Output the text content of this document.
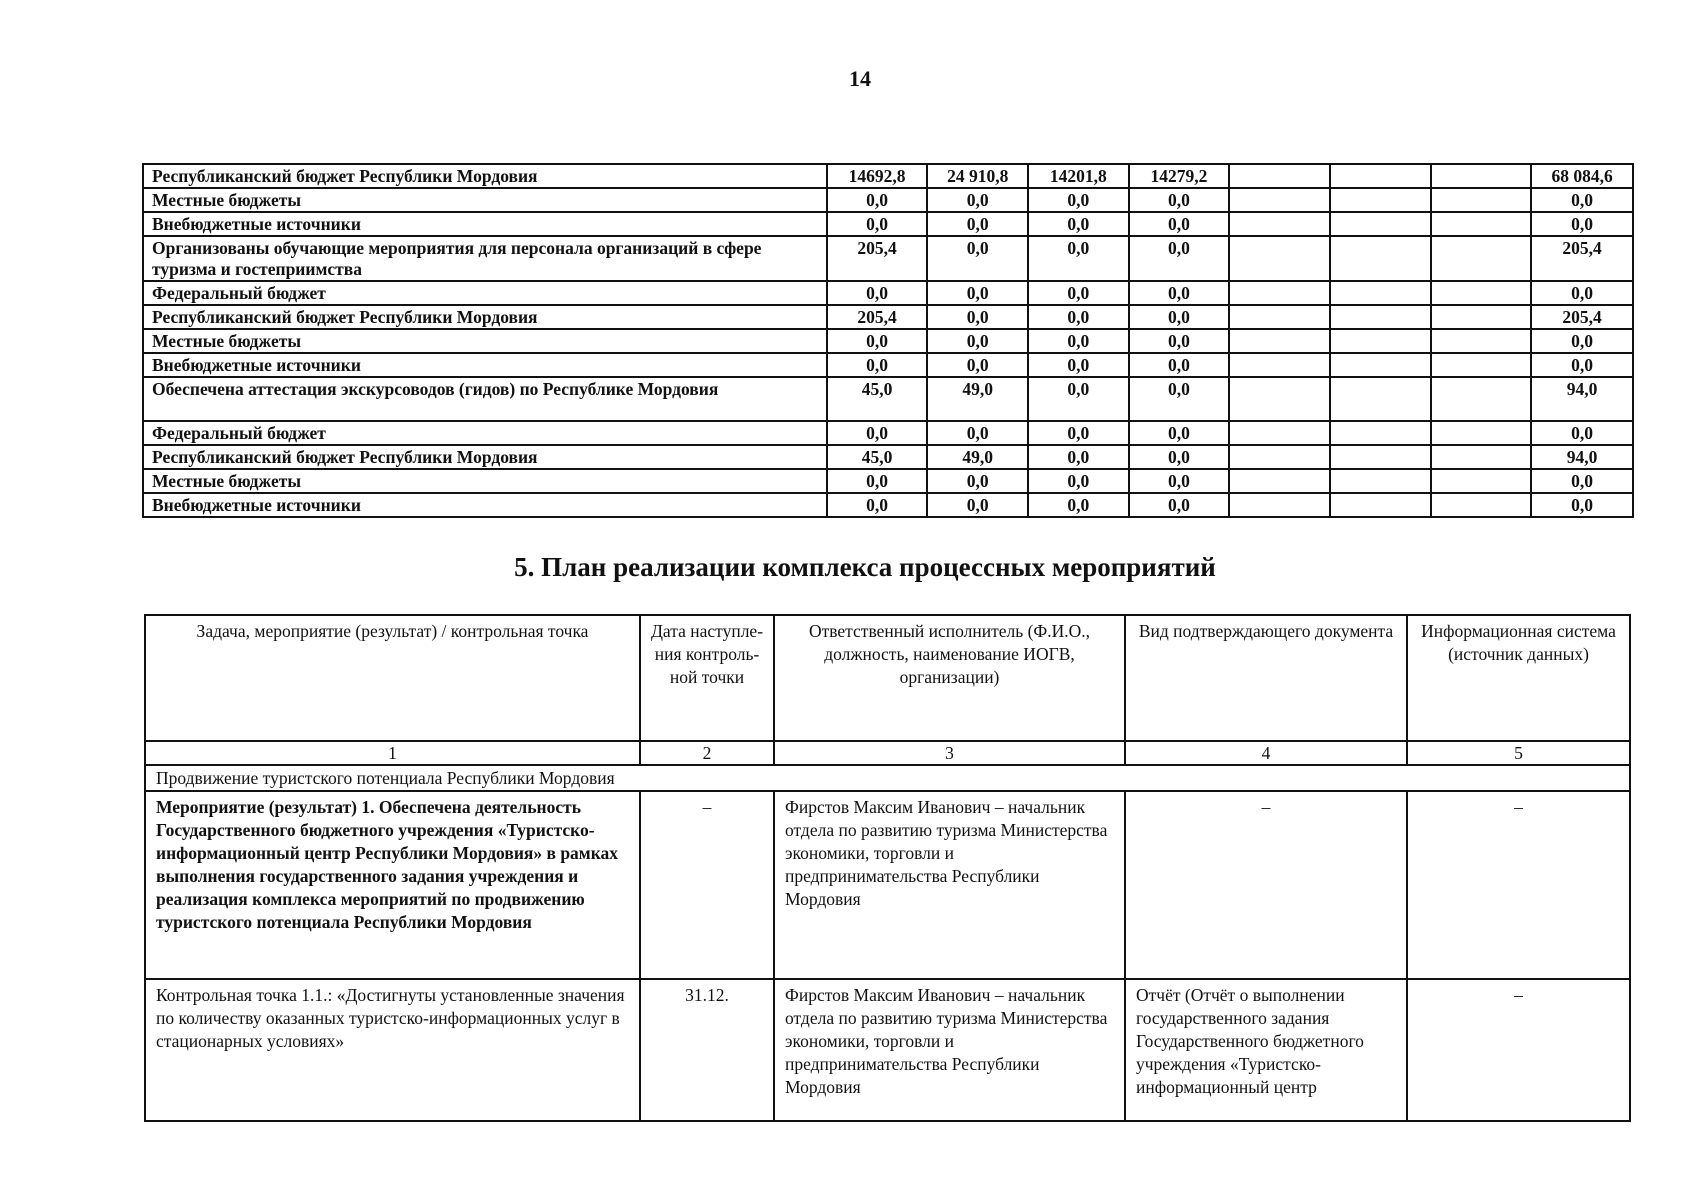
14
Республиканский бюджет Республики Мордовия	14692,8	24 910,8	14201,8	14279,2				68 084,6
Местные бюджеты	0,0	0,0	0,0	0,0				0,0
Внебюджетные источники	0,0	0,0	0,0	0,0				0,0
Организованы обучающие мероприятия для персонала организаций в сфере туризма и гостеприимства	205,4	0,0	0,0	0,0				205,4
Федеральный бюджет	0,0	0,0	0,0	0,0				0,0
Республиканский бюджет Республики Мордовия	205,4	0,0	0,0	0,0				205,4
Местные бюджеты	0,0	0,0	0,0	0,0				0,0
Внебюджетные источники	0,0	0,0	0,0	0,0				0,0
Обеспечена аттестация экскурсоводов (гидов) по Республике Мордовия	45,0	49,0	0,0	0,0				94,0
Федеральный бюджет	0,0	0,0	0,0	0,0				0,0
Республиканский бюджет Республики Мордовия	45,0	49,0	0,0	0,0				94,0
Местные бюджеты	0,0	0,0	0,0	0,0				0,0
Внебюджетные источники	0,0	0,0	0,0	0,0				0,0
5. План реализации комплекса процессных мероприятий
Задача, мероприятие (результат) / контрольная точка	Дата наступле-ния контроль-ной точки	Ответственный исполнитель (Ф.И.О., должность, наименование ИОГВ, организации)	Вид подтверждающего документа	Информационная система (источник данных)
1	2	3	4	5
Продвижение туристского потенциала Республики Мордовия				
Мероприятие (результат) 1. Обеспечена деятельность Государственного бюджетного учреждения «Туристско-информационный центр Республики Мордовия» в рамках выполнения государственного задания учреждения и реализация комплекса мероприятий по продвижению туристского потенциала Республики Мордовия	–	Фирстов Максим Иванович – начальник отдела по развитию туризма Министерства экономики, торговли и предпринимательства Республики Мордовия	–	–
Контрольная точка 1.1.: «Достигнуты установленные значения по количеству оказанных туристско-информационных услуг в стационарных условиях»	31.12.	Фирстов Максим Иванович – начальник отдела по развитию туризма Министерства экономики, торговли и предпринимательства Республики Мордовия	Отчёт (Отчёт о выполнении государственного задания Государственного бюджетного учреждения «Туристско-информационный центр	–
